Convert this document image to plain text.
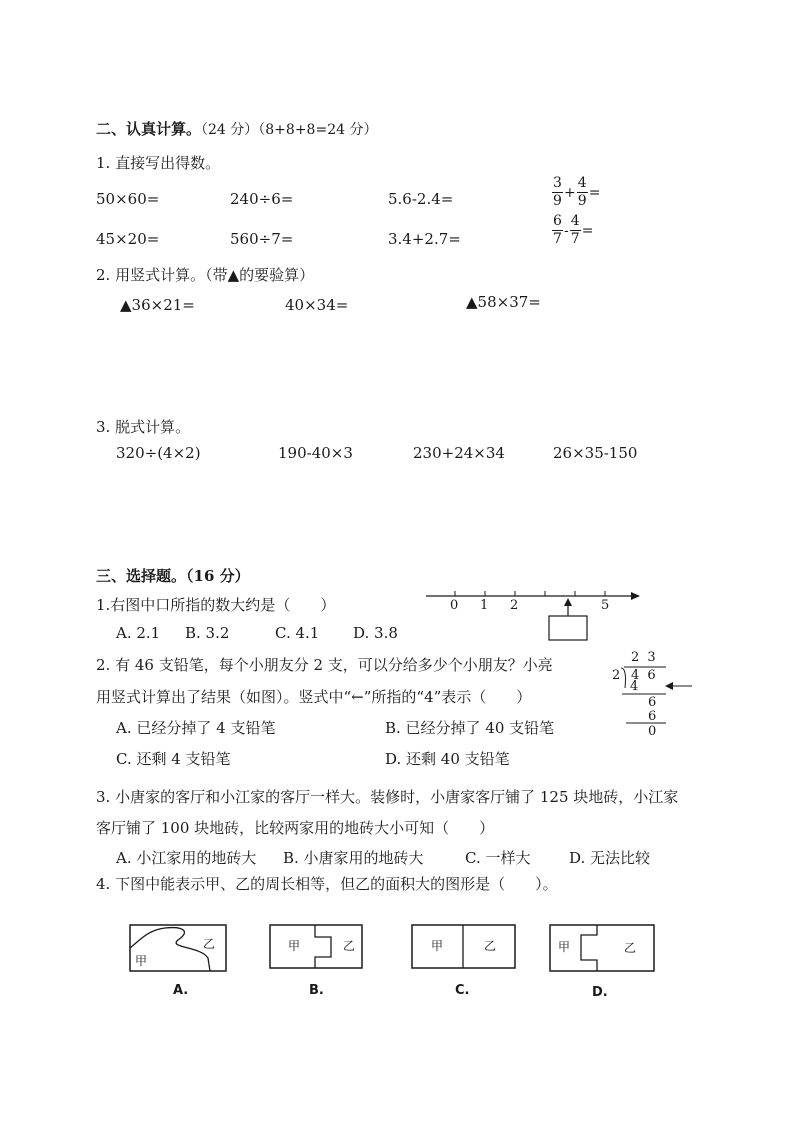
二、认真计算。（24 分）（8+8+8=24 分）
1. 直接写出得数。
50×60=	240÷6=	5.6-2.4=
45×20=	560÷7=	3.4+2.7=
$\frac{3}{9} + \frac{4}{9}$ =
$\frac{6}{7} - \frac{4}{7}$ =
2. 用竖式计算。（带▲的要验算）
▲36×21=	40×34=	▲58×37=
3. 脱式计算。
320÷(4×2)	190-40×3	230+24×34	26×35-150
三、选择题。（16 分）
1.右图中口所指的数大约是（　　）
A. 2.1 B. 3.2	C. 4.1 D. 3.8
0 1 2	5
2. 有 46 支铅笔，每个小朋友分 2 支，可以分给多少个小朋友？小亮
用竖式计算出了结果（如图）。竖式中“←”所指的“4”表示（　　）
A. 已经分掉了 4 支铅笔	B. 已经分掉了 40 支铅笔
C. 还剩 4 支铅笔	D. 还剩 40 支铅笔
2 3
2 4 6
4
6
6
0
3. 小唐家的客厅和小江家的客厅一样大。装修时，小唐家客厅铺了 125 块地砖，小江家
客厅铺了 100 块地砖，比较两家用的地砖大小可知（　　）
A. 小江家用的地砖大 B. 小唐家用的地砖大	C. 一样大	D. 无法比较
4. 下图中能表示甲、乙的周长相等，但乙的面积大的图形是（　　）。
甲
乙	甲	乙	甲	乙	甲	乙
A.	B.	C.	D.
